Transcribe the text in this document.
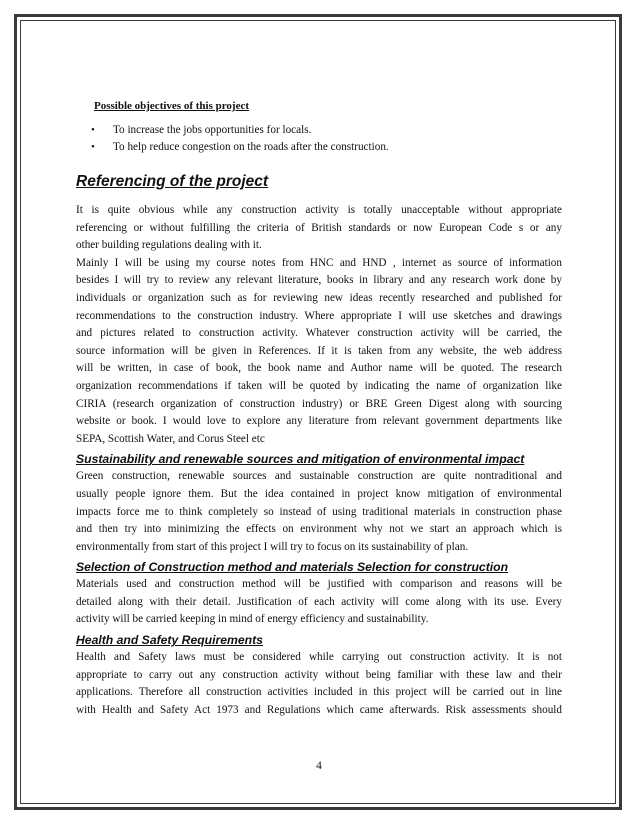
Possible objectives of this project
• To increase the jobs opportunities for locals.
• To help reduce congestion on the roads after the construction.
Referencing of the project
It is quite obvious while any construction activity is totally unacceptable without appropriate
referencing or without fulfilling the criteria of British standards or now European Code s or any
other building regulations dealing with it.
Mainly I will be using my course notes from HNC and HND , internet as source of information
besides I will try to review any relevant literature, books in library and any research work done by
individuals or organization such as for reviewing new ideas recently researched and published for
recommendations to the construction industry. Where appropriate I will use sketches and drawings
and pictures related to construction activity. Whatever construction activity will be carried, the
source information will be given in References. If it is taken from any website, the web address
will be written, in case of book, the book name and Author name will be quoted. The research
organization recommendations if taken will be quoted by indicating the name of organization like
CIRIA (research organization of construction industry) or BRE Green Digest along with sourcing
website or book. I would love to explore any literature from relevant government departments like
SEPA, Scottish Water, and Corus Steel etc
Sustainability and renewable sources and mitigation of environmental impact
Green construction, renewable sources and sustainable construction are quite nontraditional and
usually people ignore them. But the idea contained in project know mitigation of environmental
impacts force me to think completely so instead of using traditional materials in construction phase
and then try into minimizing the effects on environment why not we start an approach which is
environmentally from start of this project I will try to focus on its sustainability of plan.
Selection of Construction method and materials Selection for construction
Materials used and construction method will be justified with comparison and reasons will be
detailed along with their detail. Justification of each activity will come along with its use. Every
activity will be carried keeping in mind of energy efficiency and sustainability.
Health and Safety Requirements
Health and Safety laws must be considered while carrying out construction activity. It is not
appropriate to carry out any construction activity without being familiar with these law and their
applications. Therefore all construction activities included in this project will be carried out in line
with Health and Safety Act 1973 and Regulations which came afterwards. Risk assessments should
4
